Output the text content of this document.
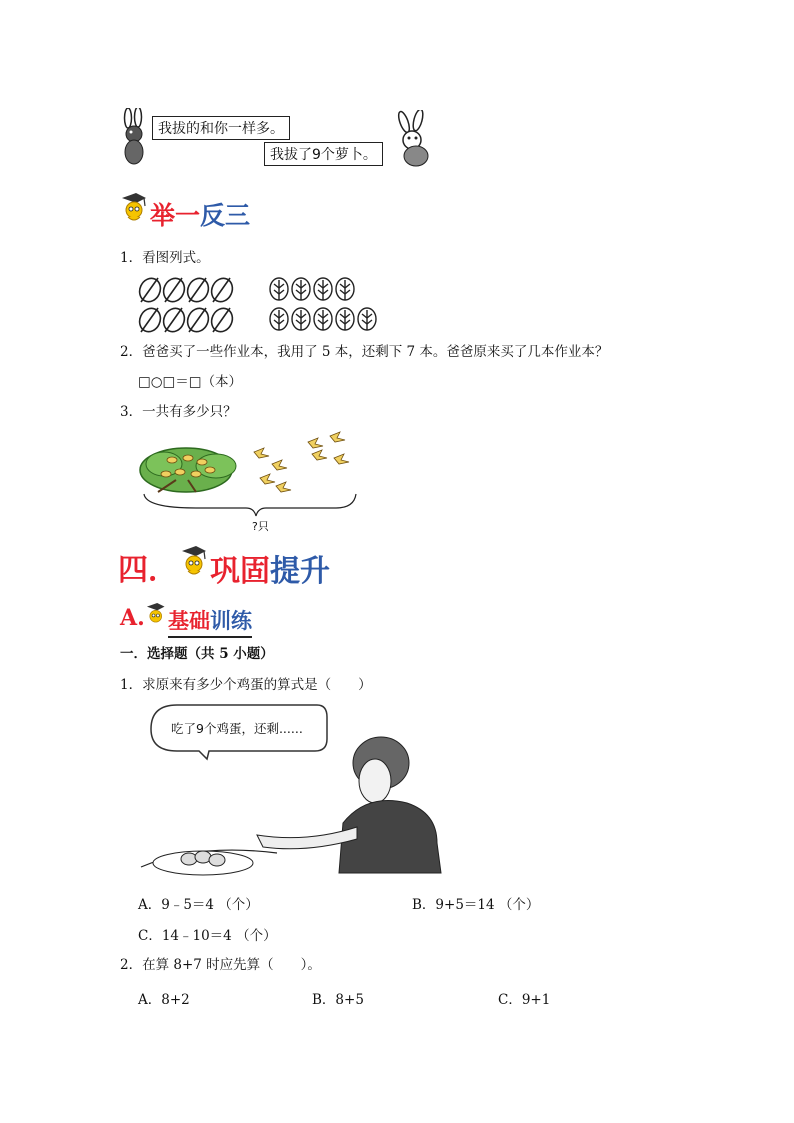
我拔的和你一样多。
我拔了9个萝卜。
举一反三
1．看图列式。
2．爸爸买了一些作业本，我用了 5 本，还剩下 7 本。爸爸原来买了几本作业本？
□○□＝□（本）
3．一共有多少只？
?只
四． 巩固提升
A. 基础训练
一．选择题（共 5 小题）
1．求原来有多少个鸡蛋的算式是（　　）
吃了9个鸡蛋，还剩......
A．9﹣5＝4 （个）	B．9+5＝14 （个）
C．14﹣10＝4 （个）
2．在算 8+7 时应先算（　　）。
A．8+2	B．8+5	C．9+1
